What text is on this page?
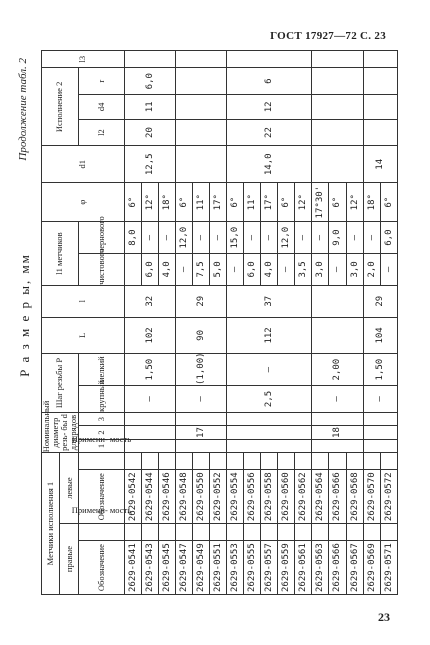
ГОСТ 17927—72 С. 23
Р а з м е р ы, мм
Продолжение табл. 2
Метчики исполнения 1				Номинальный диаметр резь- бы d для рядов			Шаг резьбы P		L	l	l1 метчиков		φ	d1	Исполнение 2			l3
правые		левые																
Обозначение	Примени- мость	Обозначение	Примени- мость	1	2	3	крупный	мелкий			чистового	чернового			l2	d4	r	
2629-0541		2629-0542					—	1,50	102	32		8,0	6°	12,5	20	11	6,0	
2629-0543		2629-0544									6,0	—	12°					
2629-0545		2629-0546									4,0	—	18°					
2629-0547		2629-0548			17		—	(1,00)	90	29	—	12,0	6°					
2629-0549		2629-0550									7,5	—	11°					
2629-0551		2629-0552									5,0	—	17°					
2629-0553		2629-0554					2,5	—	112	37	—	15,0	6°	14,0	22	12	6	
2629-0555		2629-0556									6,0	—	11°					
2629-0557		2629-0558									4,0	—	17°					
2629-0559		2629-0560									—	12,0	6°					
2629-0561		2629-0562									3,5	—	12°					
2629-0563		2629-0564			18		—	2,00			3,0	—	17°30'					
2629-0566		2629-0566									—	9,0	6°					
2629-0567		2629-0568									3,0	—	12°					
2629-0569		2629-0570					—	1,50	104	29	2,0	—	18°	14				
2629-0571		2629-0572									—	6,0	6°					
23
